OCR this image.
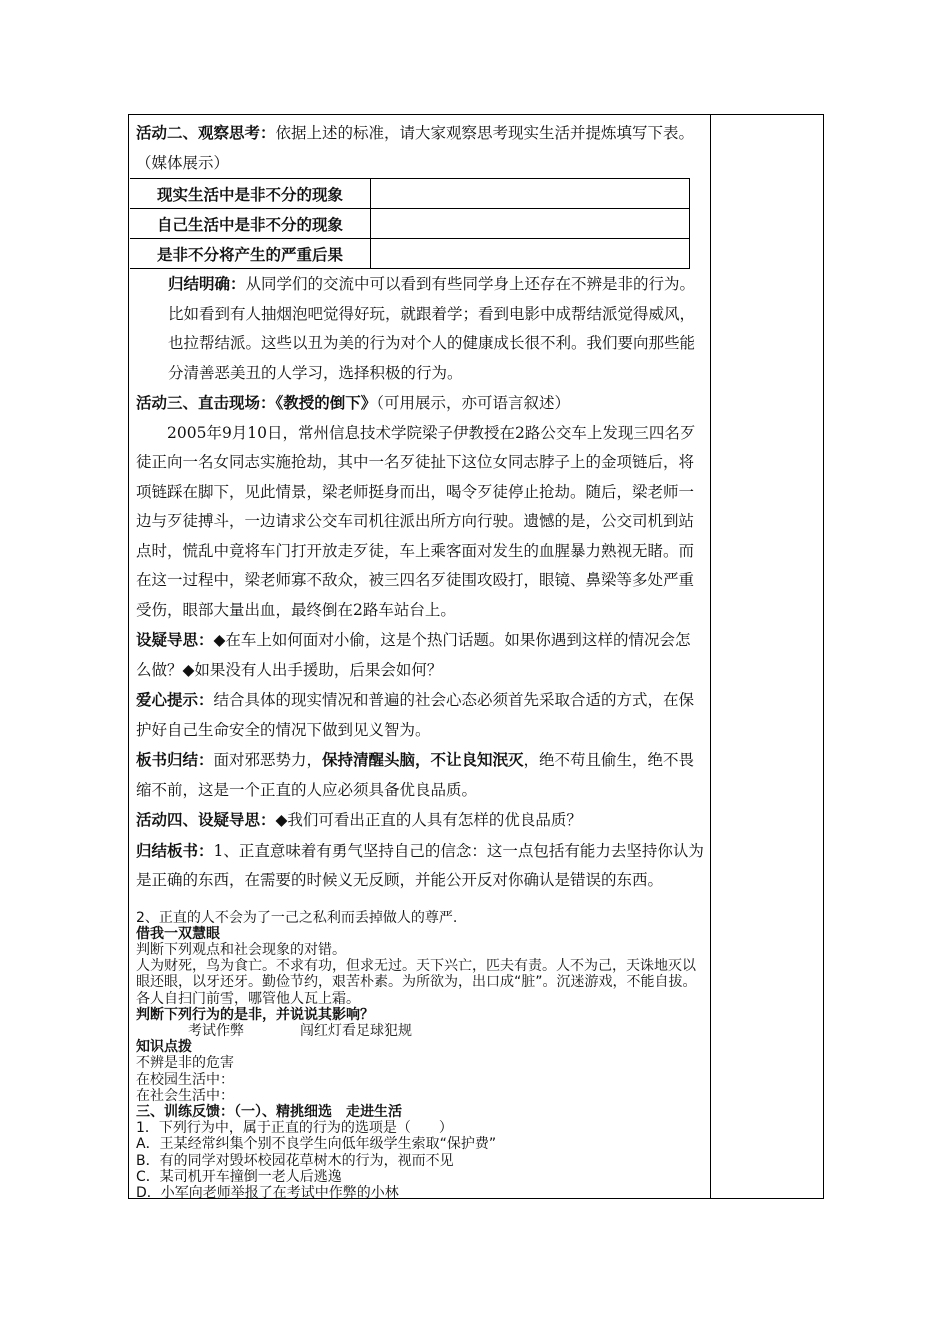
活动二、观察思考：依据上述的标准，请大家观察思考现实生活并提炼填写下表。（媒体展示）

现实生活中是非不分的现象	
自己生活中是非不分的现象	
是非不分将产生的严重后果	

归结明确：从同学们的交流中可以看到有些同学身上还存在不辨是非的行为。比如看到有人抽烟泡吧觉得好玩，就跟着学；看到电影中成帮结派觉得威风，也拉帮结派。这些以丑为美的行为对个人的健康成长很不利。我们要向那些能分清善恶美丑的人学习，选择积极的行为。

活动三、直击现场：《教授的倒下》（可用展示，亦可语言叙述）

2005年9月10日，常州信息技术学院梁子伊教授在2路公交车上发现三四名歹徒正向一名女同志实施抢劫，其中一名歹徒扯下这位女同志脖子上的金项链后，将项链踩在脚下，见此情景，梁老师挺身而出，喝令歹徒停止抢劫。随后，梁老师一边与歹徒搏斗，一边请求公交车司机往派出所方向行驶。遗憾的是，公交司机到站点时，慌乱中竟将车门打开放走歹徒，车上乘客面对发生的血腥暴力熟视无睹。而在这一过程中，梁老师寡不敌众，被三四名歹徒围攻殴打，眼镜、鼻梁等多处严重受伤，眼部大量出血，最终倒在2路车站台上。

设疑导思：◆在车上如何面对小偷，这是个热门话题。如果你遇到这样的情况会怎么做？◆如果没有人出手援助，后果会如何？

爱心提示：结合具体的现实情况和普遍的社会心态必须首先采取合适的方式，在保护好自己生命安全的情况下做到见义智为。

板书归结：面对邪恶势力，保持清醒头脑，不让良知泯灭，绝不苟且偷生，绝不畏缩不前，这是一个正直的人应必须具备优良品质。

活动四、设疑导思：◆我们可看出正直的人具有怎样的优良品质？

归结板书：1、正直意味着有勇气坚持自己的信念：这一点包括有能力去坚持你认为是正确的东西，在需要的时候义无反顾，并能公开反对你确认是错误的东西。

2、正直的人不会为了一己之私利而丢掉做人的尊严.

借我一双慧眼

判断下列观点和社会现象的对错。

人为财死，鸟为食亡。不求有功，但求无过。天下兴亡，匹夫有责。人不为己，天诛地灭以眼还眼，以牙还牙。勤俭节约，艰苦朴素。为所欲为，出口成“脏”。沉迷游戏，不能自拔。各人自扫门前雪，哪管他人瓦上霜。

判断下列行为的是非，并说说其影响？

考试作弊	闯红灯看足球犯规

知识点拨

不辨是非的危害

在校园生活中：

在社会生活中：

三、训练反馈：（一）、精挑细选　走进生活

1．下列行为中，属于正直的行为的选项是（　　）

A．王某经常纠集个别不良学生向低年级学生索取“保护费”

B．有的同学对毁坏校园花草树木的行为，视而不见

C．某司机开车撞倒一老人后逃逸

D．小军向老师举报了在考试中作弊的小林
